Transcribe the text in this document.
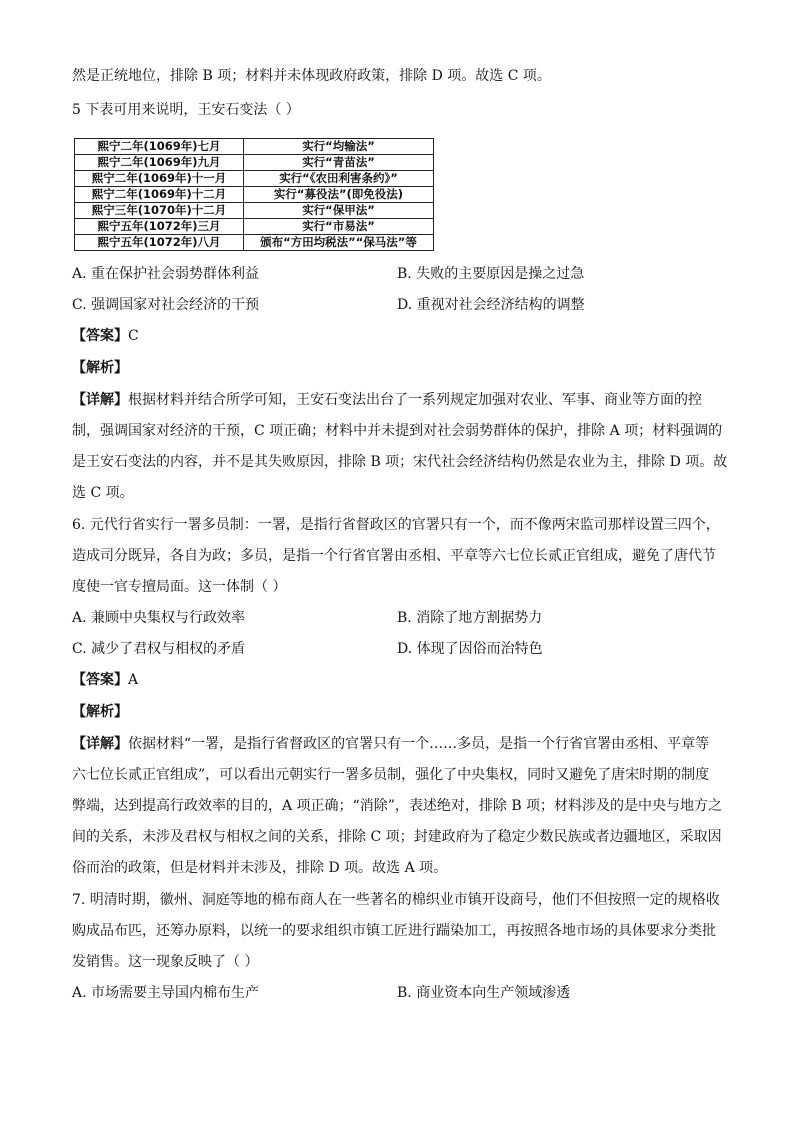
然是正统地位，排除 B 项；材料并未体现政府政策，排除 D 项。故选 C 项。
5 下表可用来说明，王安石变法（ ）
熙宁二年(1069年)七月	实行“均输法”
熙宁二年(1069年)九月	实行“青苗法”
熙宁二年(1069年)十一月	实行“《农田利害条约》”
熙宁二年(1069年)十二月	实行“募役法”(即免役法)
熙宁三年(1070年)十二月	实行“保甲法”
熙宁五年(1072年)三月	实行“市易法”
熙宁五年(1072年)八月	颁布“方田均税法”“保马法”等
A. 重在保护社会弱势群体利益	B. 失败的主要原因是操之过急
C. 强调国家对社会经济的干预	D. 重视对社会经济结构的调整
【答案】C
【解析】
【详解】根据材料并结合所学可知，王安石变法出台了一系列规定加强对农业、军事、商业等方面的控
制，强调国家对经济的干预，C 项正确；材料中并未提到对社会弱势群体的保护，排除 A 项；材料强调的
是王安石变法的内容，并不是其失败原因，排除 B 项；宋代社会经济结构仍然是农业为主，排除 D 项。故
选 C 项。
6. 元代行省实行一署多员制：一署，是指行省督政区的官署只有一个，而不像两宋监司那样设置三四个，
造成司分既异，各自为政；多员，是指一个行省官署由丞相、平章等六七位长贰正官组成，避免了唐代节
度使一官专擅局面。这一体制（ ）
A. 兼顾中央集权与行政效率	B. 消除了地方割据势力
C. 减少了君权与相权的矛盾	D. 体现了因俗而治特色
【答案】A
【解析】
【详解】依据材料“一署，是指行省督政区的官署只有一个……多员，是指一个行省官署由丞相、平章等
六七位长贰正官组成”，可以看出元朝实行一署多员制，强化了中央集权，同时又避免了唐宋时期的制度
弊端，达到提高行政效率的目的，A 项正确；“消除”，表述绝对，排除 B 项；材料涉及的是中央与地方之
间的关系，未涉及君权与相权之间的关系，排除 C 项；封建政府为了稳定少数民族或者边疆地区，采取因
俗而治的政策，但是材料并未涉及，排除 D 项。故选 A 项。
7. 明清时期，徽州、洞庭等地的棉布商人在一些著名的棉织业市镇开设商号，他们不但按照一定的规格收
购成品布匹，还筹办原料，以统一的要求组织市镇工匠进行踹染加工，再按照各地市场的具体要求分类批
发销售。这一现象反映了（ ）
A. 市场需要主导国内棉布生产	B. 商业资本向生产领域渗透
